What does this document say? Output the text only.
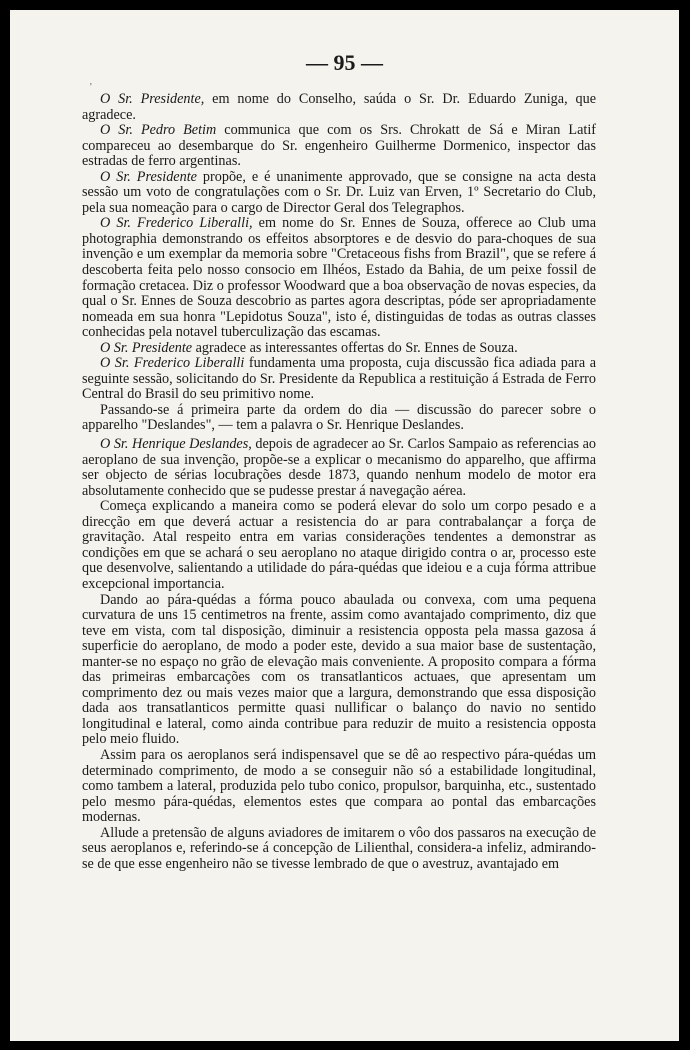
— 95 —
'

O Sr. Presidente, em nome do Conselho, saúda o Sr. Dr. Eduardo Zuniga, que agradece.

O Sr. Pedro Betim communica que com os Srs. Chrokatt de Sá e Miran Latif compareceu ao desembarque do Sr. engenheiro Guilherme Dormenico, inspector das estradas de ferro argentinas.

O Sr. Presidente propõe, e é unanimente approvado, que se consigne na acta desta sessão um voto de congratulações com o Sr. Dr. Luiz van Erven, 1º Secretario do Club, pela sua nomeação para o cargo de Director Geral dos Telegraphos.

O Sr. Frederico Liberalli, em nome do Sr. Ennes de Souza, offerece ao Club uma photographia demonstrando os effeitos absorptores e de desvio do para-choques de sua invenção e um exemplar da memoria sobre "Cretaceous fishs from Brazil", que se refere á descoberta feita pelo nosso consocio em Ilhéos, Estado da Bahia, de um peixe fossil de formação cretacea. Diz o professor Woodward que a boa observação de novas especies, da qual o Sr. Ennes de Souza descobrio as partes agora descriptas, póde ser apropriadamente nomeada em sua honra "Lepidotus Souza", isto é, distinguidas de todas as outras classes conhecidas pela notavel tuberculização das escamas.

O Sr. Presidente agradece as interessantes offertas do Sr. Ennes de Souza.

O Sr. Frederico Liberalli fundamenta uma proposta, cuja discussão fica adiada para a seguinte sessão, solicitando do Sr. Presidente da Republica a restituição á Estrada de Ferro Central do Brasil do seu primitivo nome.

Passando-se á primeira parte da ordem do dia — discussão do parecer sobre o apparelho "Deslandes", — tem a palavra o Sr. Henrique Deslandes.

O Sr. Henrique Deslandes, depois de agradecer ao Sr. Carlos Sampaio as referencias ao aeroplano de sua invenção, propõe-se a explicar o mecanismo do apparelho, que affirma ser objecto de sérias locubrações desde 1873, quando nenhum modelo de motor era absolutamente conhecido que se pudesse prestar á navegação aérea.

Começa explicando a maneira como se poderá elevar do solo um corpo pesado e a direcção em que deverá actuar a resistencia do ar para contrabalançar a força de gravitação. Atal respeito entra em varias considerações tendentes a demonstrar as condições em que se achará o seu aeroplano no ataque dirigido contra o ar, processo este que desenvolve, salientando a utilidade do pára-quédas que ideiou e a cuja fórma attribue excepcional importancia.

Dando ao pára-quédas a fórma pouco abaulada ou convexa, com uma pequena curvatura de uns 15 centimetros na frente, assim como avantajado comprimento, diz que teve em vista, com tal disposição, diminuir a resistencia opposta pela massa gazosa á superficie do aeroplano, de modo a poder este, devido a sua maior base de sustentação, manter-se no espaço no grão de elevação mais conveniente. A proposito compara a fórma das primeiras embarcações com os transatlanticos actuaes, que apresentam um comprimento dez ou mais vezes maior que a largura, demonstrando que essa disposição dada aos transatlanticos permitte quasi nullificar o balanço do navio no sentido longitudinal e lateral, como ainda contribue para reduzir de muito a resistencia opposta pelo meio fluido.

Assim para os aeroplanos será indispensavel que se dê ao respectivo pára-quédas um determinado comprimento, de modo a se conseguir não só a estabilidade longitudinal, como tambem a lateral, produzida pelo tubo conico, propulsor, barquinha, etc., sustentado pelo mesmo pára-quédas, elementos estes que compara ao pontal das embarcações modernas.

Allude a pretensão de alguns aviadores de imitarem o vôo dos passaros na execução de seus aeroplanos e, referindo-se á concepção de Lilienthal, considera-a infeliz, admirando-se de que esse engenheiro não se tivesse lembrado de que o avestruz, avantajado em
